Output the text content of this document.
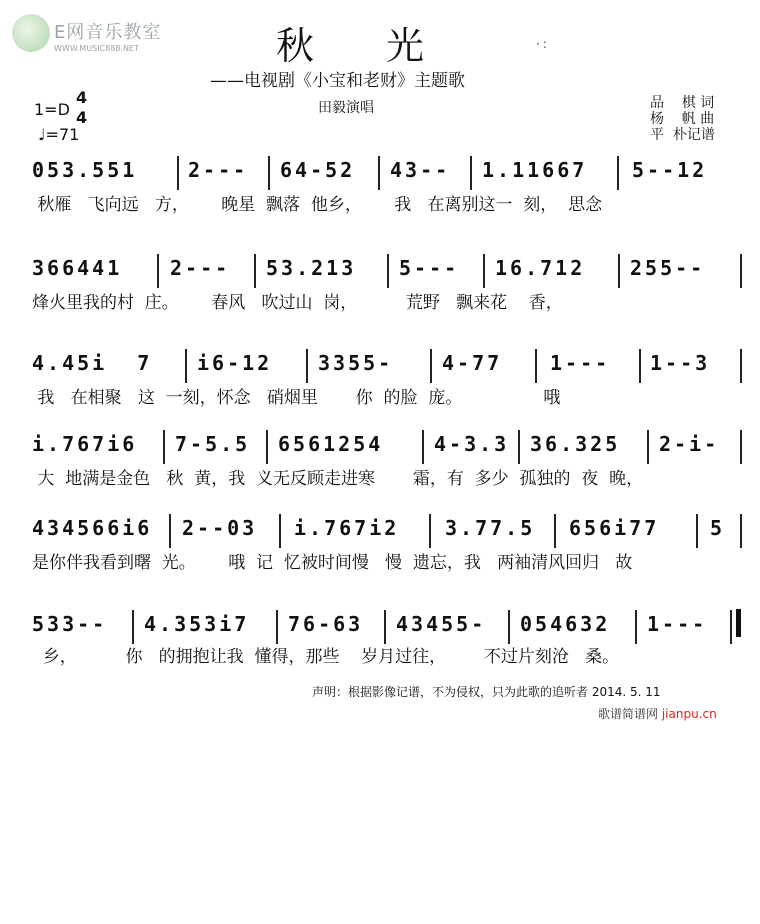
E网音乐教室
WWW.MUSIC888.NET	·:
秋 光
——电视剧《小宝和老财》主题歌
田毅演唱
1=D
4
4
♩=71
品    棋 词
杨    帆 曲
平  朴记谱

053.551

	2---

64-52

43--

1.11667

5--12

秋雁   飞向远   方，      晚星  飘落  他乡，      我   在离别这一  刻，  思念

366441

2---

53.213

5---

16.712

255--

烽火里我的村  庄。      春风   吹过山  岗，         荒野   飘来花    香，

4.45i  7

i6-12

3355-

4-77

1---

1--3

我   在相聚   这  一刻，怀念   硝烟里       你  的脸  庞。               哦

i.767i6

7-5.5

6561254

	4-3.3

36.325

2-i-

大  地满是金色   秋  黄，我  义无反顾走进寒       霜，有  多少  孤独的  夜  晚，

434566i6

2--03

i.767i2

3.77.5

656i77

	5

是你伴我看到曙  光。      哦  记  忆被时间慢   慢  遗忘，我   两袖清风回归   故

533--

4.353i7

76-63

43455-

054632

1---

乡，         你   的拥抱让我  懂得，那些    岁月过往，       不过片刻沧   桑。
声明：根据影像记谱，不为侵权，只为此歌的追听者 2014. 5. 11
歌谱简谱网 jianpu.cn
